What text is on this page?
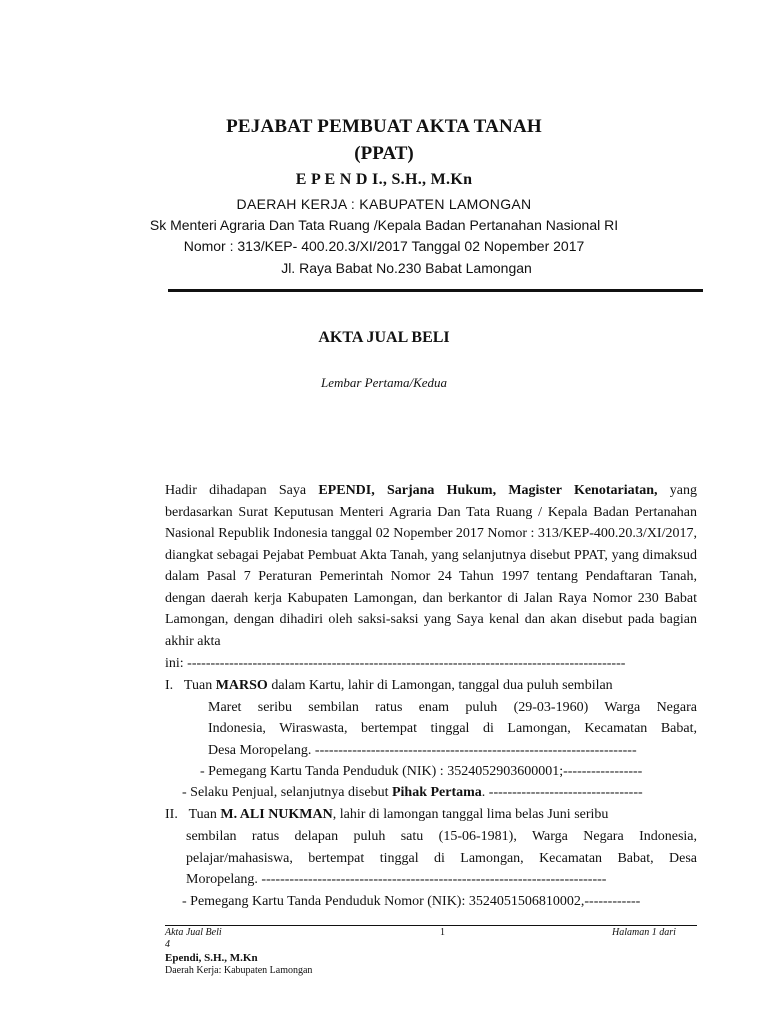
PEJABAT PEMBUAT AKTA TANAH
(PPAT)
E P E N D I., S.H., M.Kn
DAERAH KERJA : KABUPATEN LAMONGAN
Sk Menteri Agraria Dan Tata Ruang /Kepala Badan Pertanahan Nasional RI
Nomor : 313/KEP- 400.20.3/XI/2017 Tanggal 02 Nopember 2017
Jl. Raya Babat No.230 Babat Lamongan
AKTA JUAL BELI
Lembar Pertama/Kedua
Hadir dihadapan Saya EPENDI, Sarjana Hukum, Magister Kenotariatan, yang berdasarkan Surat Keputusan Menteri Agraria Dan Tata Ruang / Kepala Badan Pertanahan Nasional Republik Indonesia tanggal 02 Nopember 2017 Nomor : 313/KEP-400.20.3/XI/2017, diangkat sebagai Pejabat Pembuat Akta Tanah, yang selanjutnya disebut PPAT, yang dimaksud dalam Pasal 7 Peraturan Pemerintah Nomor 24 Tahun 1997 tentang Pendaftaran Tanah, dengan daerah kerja Kabupaten Lamongan, dan berkantor di Jalan Raya Nomor 230 Babat Lamongan, dengan dihadiri oleh saksi-saksi yang Saya kenal dan akan disebut pada bagian akhir akta
ini: ----------------------------------------------------------------------------------------------
I. Tuan MARSO dalam Kartu, lahir di Lamongan, tanggal dua puluh sembilan
Maret seribu sembilan ratus enam puluh (29-03-1960) Warga Negara
Indonesia, Wiraswasta, bertempat tinggal di Lamongan, Kecamatan Babat,
Desa Moropelang. ---------------------------------------------------------------------
- Pemegang Kartu Tanda Penduduk (NIK) : 3524052903600001;-----------------
- Selaku Penjual, selanjutnya disebut Pihak Pertama. ---------------------------------
II. Tuan M. ALI NUKMAN, lahir di lamongan tanggal lima belas Juni seribu
sembilan ratus delapan puluh satu (15-06-1981), Warga Negara Indonesia,
pelajar/mahasiswa, bertempat tinggal di Lamongan, Kecamatan Babat, Desa
Moropelang. --------------------------------------------------------------------------
- Pemegang Kartu Tanda Penduduk Nomor (NIK): 3524051506810002,------------
Akta Jual Beli
4
1	Halaman 1 dari
Ependi, S.H., M.Kn
Daerah Kerja: Kabupaten Lamongan
